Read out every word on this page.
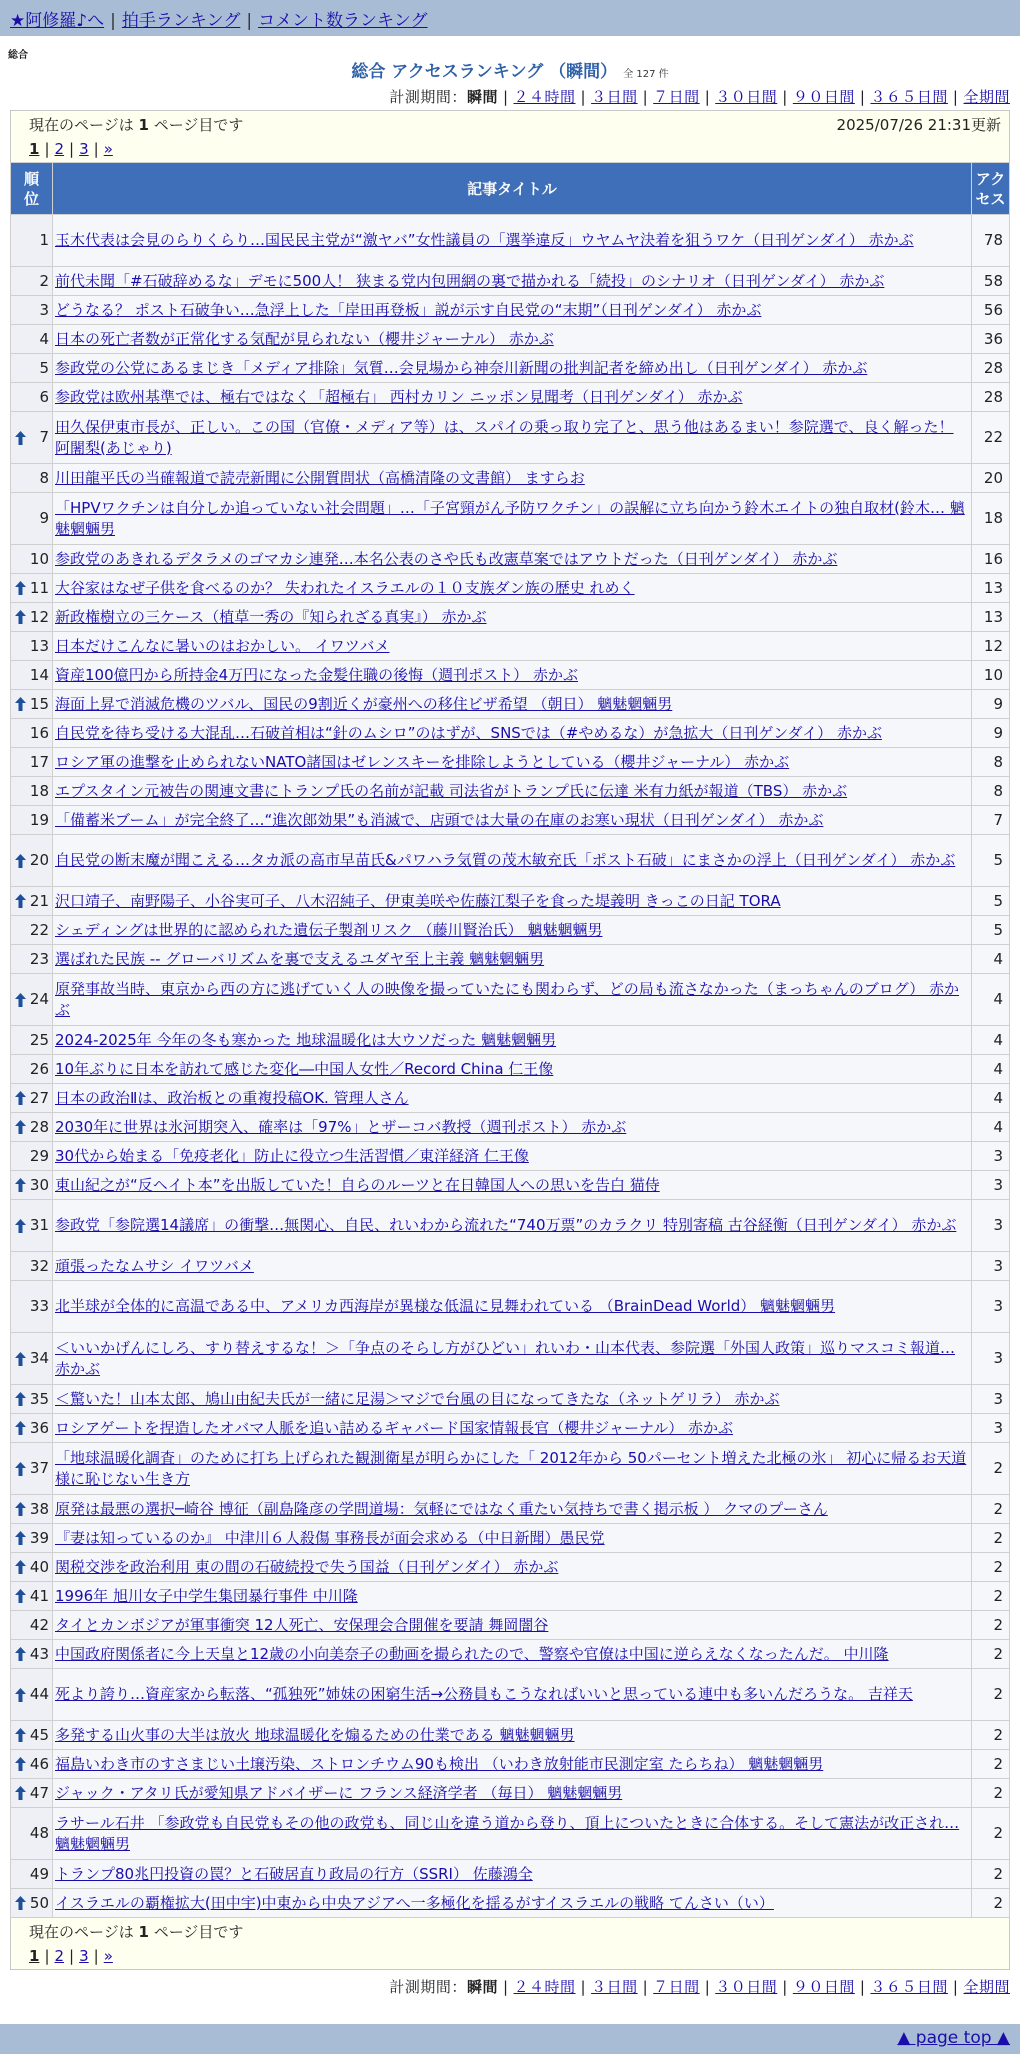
★阿修羅♪へ | 拍手ランキング | コメント数ランキング
総合
総合 アクセスランキング （瞬間） 全 127 件
計測期間：瞬間 | ２４時間 | ３日間 | ７日間 | ３０日間 | ９０日間 | ３６５日間 | 全期間
現在のページは 1 ページ目です	2025/07/26 21:31更新
1 | 2 | 3 | »
順位	記事タイトル	アクセス
1	玉木代表は会見のらりくらり…国民民主党が“激ヤバ”女性議員の「選挙違反」ウヤムヤ決着を狙うワケ（日刊ゲンダイ） 赤かぶ	78
2	前代未聞「#石破辞めるな」デモに500人！ 狭まる党内包囲網の裏で描かれる「続投」のシナリオ（日刊ゲンダイ） 赤かぶ	58
3	どうなる？ ポスト石破争い…急浮上した「岸田再登板」説が示す自民党の“末期”（日刊ゲンダイ） 赤かぶ	56
4	日本の死亡者数が正常化する気配が見られない（櫻井ジャーナル） 赤かぶ	36
5	参政党の公党にあるまじき「メディア排除」気質…会見場から神奈川新聞の批判記者を締め出し（日刊ゲンダイ） 赤かぶ	28
6	参政党は欧州基準では、極右ではなく「超極右」 西村カリン ニッポン見聞考（日刊ゲンダイ） 赤かぶ	28

7	田久保伊東市長が、正しい。この国（官僚・メディア等）は、スパイの乗っ取り完了と、思う他はあるまい！参院選で、良く解った！ 阿闍梨(あじゃり)	22
8	川田龍平氏の当確報道で読売新聞に公開質問状（高橋清隆の文書館） ますらお	20
9	「HPVワクチンは自分しか追っていない社会問題」…「子宮頸がん予防ワクチン」の誤解に立ち向かう鈴木エイトの独自取材(鈴木… 魑魅魍魎男	18
10	参政党のあきれるデタラメのゴマカシ連発…本名公表のさや氏も改憲草案ではアウトだった（日刊ゲンダイ） 赤かぶ	16

11	大谷家はなぜ子供を食べるのか？ 失われたイスラエルの１０支族ダン族の歴史 れめく	13

12	新政権樹立の三ケース（植草一秀の『知られざる真実』） 赤かぶ	13
13	日本だけこんなに暑いのはおかしい。 イワツバメ	12
14	資産100億円から所持金4万円になった金髪住職の後悔（週刊ポスト） 赤かぶ	10

15	海面上昇で消滅危機のツバル、国民の9割近くが豪州への移住ビザ希望 （朝日） 魑魅魍魎男	9
16	自民党を待ち受ける大混乱…石破首相は“針のムシロ”のはずが、SNSでは（#やめるな）が急拡大（日刊ゲンダイ） 赤かぶ	9
17	ロシア軍の進撃を止められないNATO諸国はゼレンスキーを排除しようとしている（櫻井ジャーナル） 赤かぶ	8
18	エプスタイン元被告の関連文書にトランプ氏の名前が記載 司法省がトランプ氏に伝達 米有力紙が報道（TBS） 赤かぶ	8
19	「備蓄米ブーム」が完全終了…“進次郎効果”も消滅で、店頭では大量の在庫のお寒い現状（日刊ゲンダイ） 赤かぶ	7

20	自民党の断末魔が聞こえる…タカ派の高市早苗氏&パワハラ気質の茂木敏充氏「ポスト石破」にまさかの浮上（日刊ゲンダイ） 赤かぶ	5

21	沢口靖子、南野陽子、小谷実可子、八木沼純子、伊東美咲や佐藤江梨子を食った堤義明 きっこの日記 TORA	5
22	シェディングは世界的に認められた遺伝子製剤リスク （藤川賢治氏） 魑魅魍魎男	5
23	選ばれた民族 -- グローバリズムを裏で支えるユダヤ至上主義 魑魅魍魎男	4

24	原発事故当時、東京から西の方に逃げていく人の映像を撮っていたにも関わらず、どの局も流さなかった（まっちゃんのブログ） 赤かぶ	4
25	2024-2025年 今年の冬も寒かった 地球温暖化は大ウソだった 魑魅魍魎男	4
26	10年ぶりに日本を訪れて感じた変化―中国人女性／Record China 仁王像	4

27	日本の政治Ⅱは、政治板との重複投稿OK. 管理人さん	4

28	2030年に世界は氷河期突入、確率は「97%」とザーコバ教授（週刊ポスト） 赤かぶ	4
29	30代から始まる「免疫老化」防止に役立つ生活習慣／東洋経済 仁王像	3

30	東山紀之が“反ヘイト本”を出版していた！自らのルーツと在日韓国人への思いを告白 猫侍	3

31	参政党「参院選14議席」の衝撃…無関心、自民、れいわから流れた“740万票”のカラクリ 特別寄稿 古谷経衡（日刊ゲンダイ） 赤かぶ	3
32	頑張ったなムサシ イワツバメ	3
33	北半球が全体的に高温である中、アメリカ西海岸が異様な低温に見舞われている （BrainDead World） 魑魅魍魎男	3

34	＜いいかげんにしろ、すり替えするな！＞「争点のそらし方がひどい」れいわ・山本代表、参院選「外国人政策」巡りマスコミ報道… 赤かぶ	3

35	＜驚いた！山本太郎、鳩山由紀夫氏が一緒に足湯＞マジで台風の目になってきたな（ネットゲリラ） 赤かぶ	3

36	ロシアゲートを捏造したオバマ人脈を追い詰めるギャバード国家情報長官（櫻井ジャーナル） 赤かぶ	3

37	「地球温暖化調査」のために打ち上げられた観測衛星が明らかにした「 2012年から 50パーセント増えた北極の氷」 初心に帰るお天道様に恥じない生き方	2

38	原発は最悪の選択─崎谷 博征（副島隆彦の学問道場：気軽にではなく重たい気持ちで書く掲示板 ） クマのプーさん	2

39	『妻は知っているのか』 中津川６人殺傷 事務長が面会求める（中日新聞）愚民党	2

40	関税交渉を政治利用 東の間の石破続投で失う国益（日刊ゲンダイ） 赤かぶ	2

41	1996年 旭川女子中学生集団暴行事件 中川隆	2
42	タイとカンボジアが軍事衝突 12人死亡、安保理会合開催を要請 舞岡闇谷	2

43	中国政府関係者に今上天皇と12歳の小向美奈子の動画を撮られたので、警察や官僚は中国に逆らえなくなったんだ。 中川隆	2

44	死より誇り…資産家から転落、“孤独死”姉妹の困窮生活→公務員もこうなればいいと思っている連中も多いんだろうな。 吉祥天	2

45	多発する山火事の大半は放火 地球温暖化を煽るための仕業である 魑魅魍魎男	2

46	福島いわき市のすさまじい土壌汚染、ストロンチウム90も検出 （いわき放射能市民測定室 たらちね） 魑魅魍魎男	2

47	ジャック・アタリ氏が愛知県アドバイザーに フランス経済学者 （毎日） 魑魅魍魎男	2
48	ラサール石井 「参政党も自民党もその他の政党も、同じ山を違う道から登り、頂上についたときに合体する。そして憲法が改正され… 魑魅魍魎男	2
49	トランプ80兆円投資の罠？と石破居直り政局の行方（SSRI） 佐藤鴻全	2

50	イスラエルの覇権拡大(田中宇)中東から中央アジアへ一多極化を揺るがすイスラエルの戦略 てんさい（い）	2
現在のページは 1 ページ目です
1 | 2 | 3 | »
計測期間：瞬間 | ２４時間 | ３日間 | ７日間 | ３０日間 | ９０日間 | ３６５日間 | 全期間
▲ page top ▲
